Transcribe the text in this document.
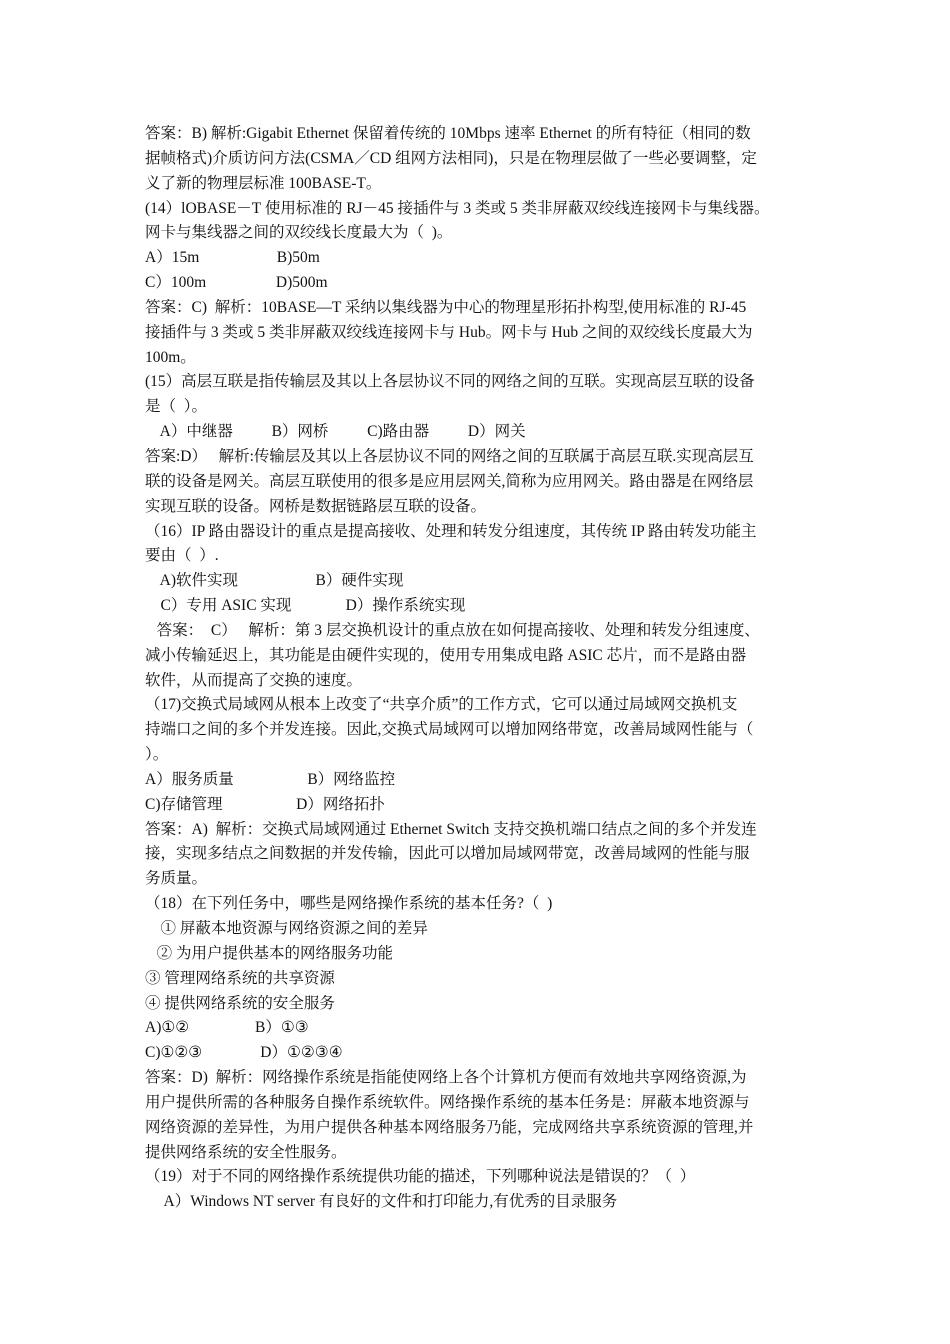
答案：B) 解析:Gigabit Ethernet 保留着传统的 10Mbps 速率 Ethernet 的所有特征（相同的数
据帧格式)介质访问方法(CSMA／CD 组网方法相同)，只是在物理层做了一些必要调整，定
义了新的物理层标准 100BASE-T。
(14）lOBASE－T 使用标准的 RJ－45 接插件与 3 类或 5 类非屏蔽双绞线连接网卡与集线器。
网卡与集线器之间的双绞线长度最大为（  )。
A）15m                    B)50m
C）100m                  D)500m
答案：C)  解析：10BASE—T 采纳以集线器为中心的物理星形拓扑构型,使用标准的 RJ-45
接插件与 3 类或 5 类非屏蔽双绞线连接网卡与 Hub。网卡与 Hub 之间的双绞线长度最大为
100m。
(15）高层互联是指传输层及其以上各层协议不同的网络之间的互联。实现高层互联的设备
是（  ）。
A）中继器          B）网桥          C)路由器          D）网关
答案:D）   解析:传输层及其以上各层协议不同的网络之间的互联属于高层互联.实现高层互
联的设备是网关。高层互联使用的很多是应用层网关,简称为应用网关。路由器是在网络层
实现互联的设备。网桥是数据链路层互联的设备。
（16）IP 路由器设计的重点是提高接收、处理和转发分组速度，其传统 IP 路由转发功能主
要由（  ）.
A)软件实现                    B）硬件实现
C）专用 ASIC 实现              D）操作系统实现
答案：  C）   解析：第 3 层交换机设计的重点放在如何提高接收、处理和转发分组速度、
减小传输延迟上，其功能是由硬件实现的，使用专用集成电路 ASIC 芯片，而不是路由器
软件，从而提高了交换的速度。
（17)交换式局域网从根本上改变了“共享介质”的工作方式，它可以通过局域网交换机支
持端口之间的多个并发连接。因此,交换式局域网可以增加网络带宽，改善局域网性能与（
）。
A）服务质量                   B）网络监控
C)存储管理                   D）网络拓扑
答案：A)  解析：交换式局域网通过 Ethernet Switch 支持交换机端口结点之间的多个并发连
接，实现多结点之间数据的并发传输，因此可以增加局域网带宽，改善局域网的性能与服
务质量。
（18）在下列任务中，哪些是网络操作系统的基本任务?（  )
① 屏蔽本地资源与网络资源之间的差异
② 为用户提供基本的网络服务功能
③ 管理网络系统的共享资源
④ 提供网络系统的安全服务
A)①②                 B）①③
C)①②③               D）①②③④
答案：D)  解析：网络操作系统是指能使网络上各个计算机方便而有效地共享网络资源,为
用户提供所需的各种服务自操作系统软件。网络操作系统的基本任务是：屏蔽本地资源与
网络资源的差异性，为用户提供各种基本网络服务乃能，完成网络共享系统资源的管理,并
提供网络系统的安全性服务。
（19）对于不同的网络操作系统提供功能的描述，下列哪种说法是错误的？（  ）
A）Windows NT server 有良好的文件和打印能力,有优秀的目录服务
